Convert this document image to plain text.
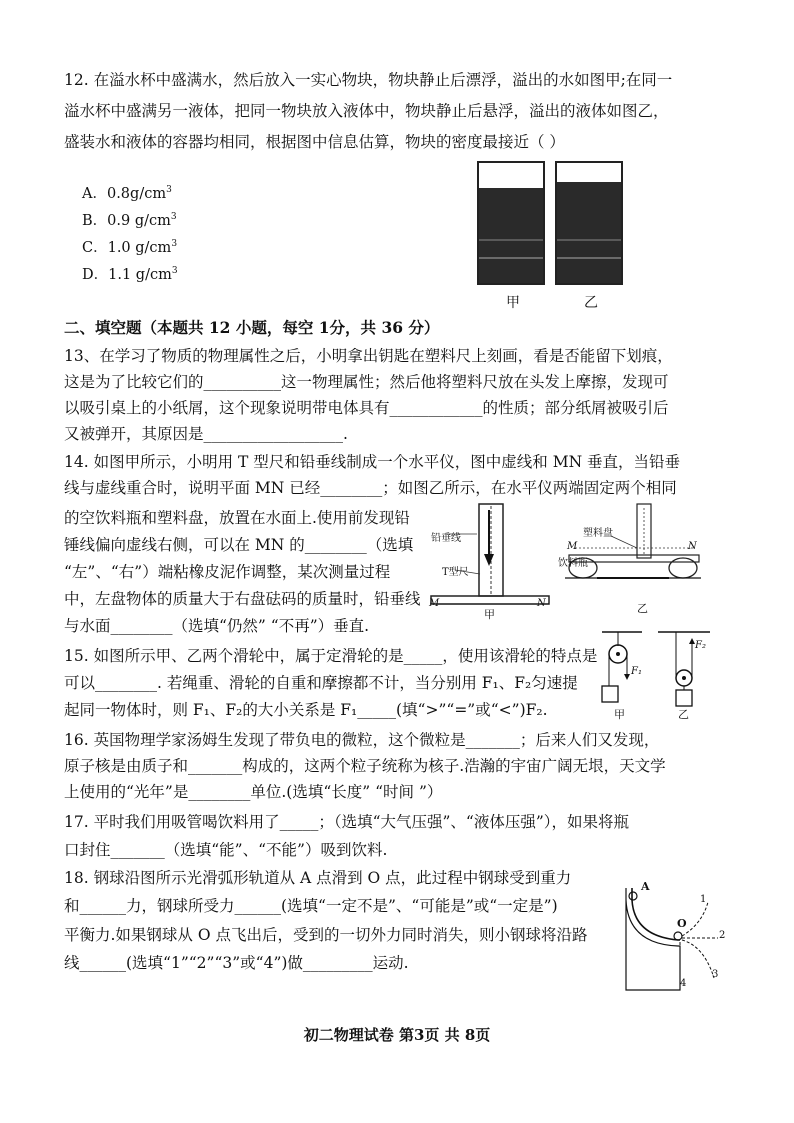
12. 在溢水杯中盛满水，然后放入一实心物块，物块静止后漂浮，溢出的水如图甲;在同一
溢水杯中盛满另一液体，把同一物块放入液体中，物块静止后悬浮，溢出的液体如图乙，
盛装水和液体的容器均相同，根据图中信息估算，物块的密度最接近（ ）
A．$0.8g/cm^3$
B．0.9 $g/cm^3$
C．1.0 $g/cm^3$
D．1.1 $g/cm^3$
甲	乙
二、填空题（本题共 12 小题，每空 1分，共 36 分）
13、在学习了物质的物理属性之后，小明拿出钥匙在塑料尺上刻画，看是否能留下划痕，
这是为了比较它们的__________这一物理属性；然后他将塑料尺放在头发上摩擦，发现可
以吸引桌上的小纸屑，这个现象说明带电体具有____________的性质；部分纸屑被吸引后
又被弹开，其原因是__________________.
14. 如图甲所示，小明用 T 型尺和铅垂线制成一个水平仪，图中虚线和 MN 垂直，当铅垂
线与虚线重合时，说明平面 MN 已经________；如图乙所示，在水平仪两端固定两个相同
的空饮料瓶和塑料盘，放置在水面上.使用前发现铅
锤线偏向虚线右侧，可以在 MN 的________（选填
“左”、“右”）端粘橡皮泥作调整，某次测量过程
中，左盘物体的质量大于右盘砝码的质量时，铅垂线
与水面________（选填“仍然” “不再”）垂直.
铅垂线
T型尺
M	N
甲
塑料盘
饮料瓶
M	N
乙
15. 如图所示甲、乙两个滑轮中，属于定滑轮的是_____，使用该滑轮的特点是
可以________. 若绳重、滑轮的自重和摩擦都不计，当分别用 F₁、F₂匀速提
起同一物体时，则 F₁、F₂的大小关系是 F₁_____(填“>”“=”或“<”)F₂.
F₁
F₂
甲	乙
16. 英国物理学家汤姆生发现了带负电的微粒，这个微粒是_______；后来人们又发现，
原子核是由质子和_______构成的，这两个粒子统称为核子.浩瀚的宇宙广阔无垠，天文学
上使用的“光年”是________单位.(选填“长度” “时间 ”）
17. 平时我们用吸管喝饮料用了_____；（选填“大气压强”、“液体压强”），如果将瓶
口封住_______（选填“能”、“不能”）吸到饮料.
18. 钢球沿图所示光滑弧形轨道从 A 点滑到 O 点，此过程中钢球受到重力
和______力，钢球所受力______(选填“一定不是”、“可能是”或“一定是”)
平衡力.如果钢球从 O 点飞出后，受到的一切外力同时消失，则小钢球将沿路
线______(选填“1”“2”“3”或“4”)做_________运动.
A
O
1
2
3
4
初二物理试卷 第3页 共 8页
